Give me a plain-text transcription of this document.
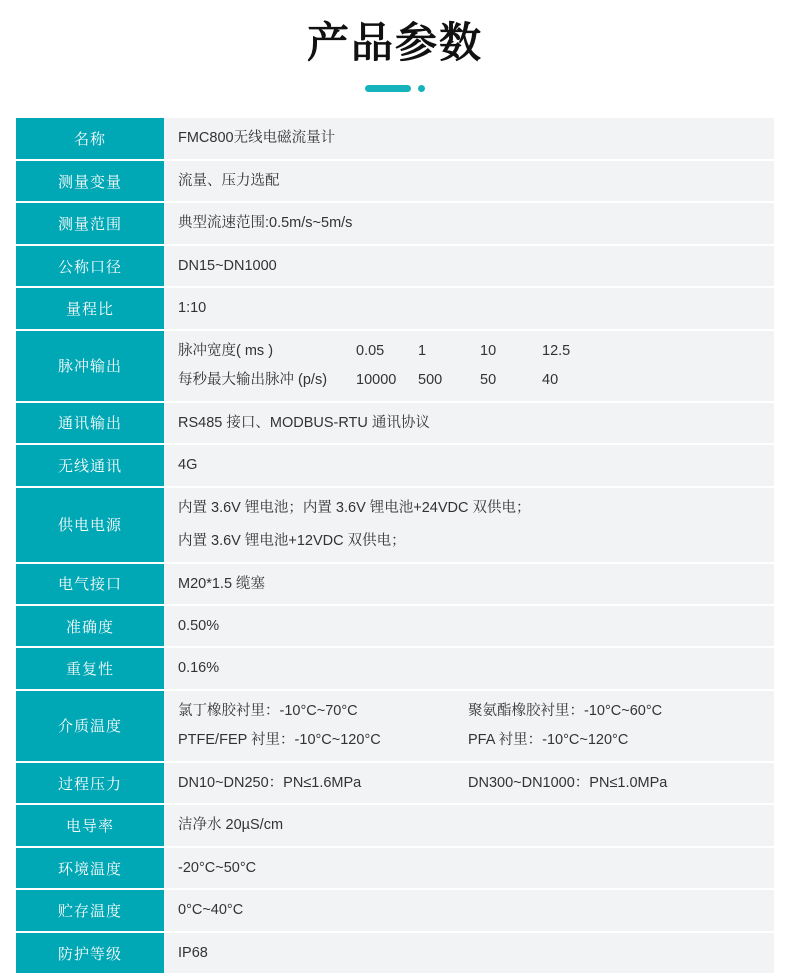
产品参数
名称	FMC800无线电磁流量计
测量变量	流量、压力选配
测量范围	典型流速范围:0.5m/s~5m/s
公称口径	DN15~DN1000
量程比	1:10
脉冲输出	
脉冲宽度( ms )	0.05	1	10	12.5
每秒最大输出脉冲 (p/s)	10000	500	50	40

通讯输出	RS485 接口、MODBUS-RTU 通讯协议
无线通讯	4G
供电电源	内置 3.6V 锂电池；内置 3.6V 锂电池+24VDC 双供电；
内置 3.6V 锂电池+12VDC 双供电；

电气接口	M20*1.5 缆塞
准确度	0.50%
重复性	0.16%
介质温度	氯丁橡胶衬里：-10°C~70°C 聚氨酯橡胶衬里：-10°C~60°C
PTFE/FEP 衬里：-10°C~120°C PFA 衬里：-10°C~120°C

过程压力	DN10~DN250：PN≤1.6MPa DN300~DN1000：PN≤1.0MPa

电导率	洁净水 20µS/cm
环境温度	-20°C~50°C
贮存温度	0°C~40°C
防护等级	IP68
